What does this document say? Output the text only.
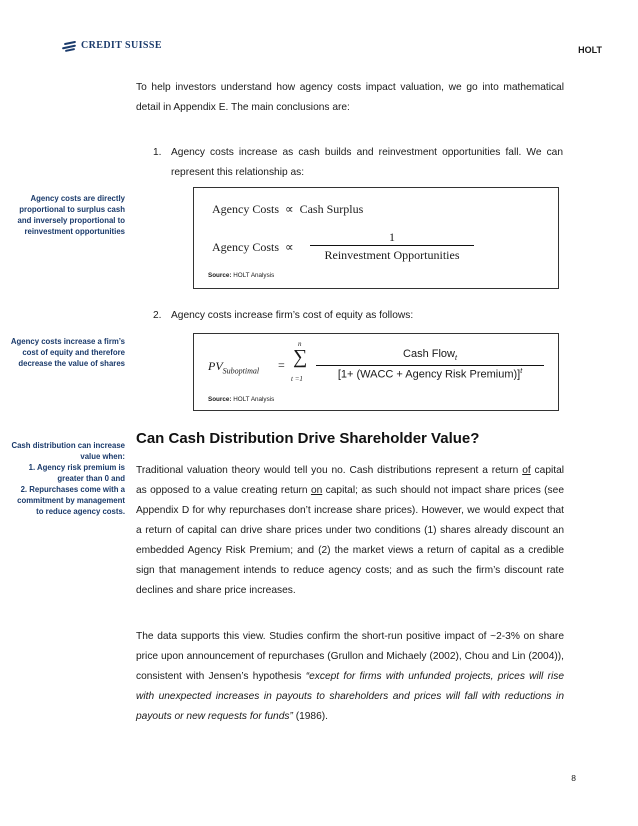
CREDIT SUISSE	HOLT
To help investors understand how agency costs impact valuation, we go into mathematical detail in Appendix E. The main conclusions are:
1. Agency costs increase as cash builds and reinvestment opportunities fall. We can represent this relationship as:
Agency Costs ∝ Cash Surplus
Agency Costs ∝
1
Reinvestment Opportunities
Source: HOLT Analysis
2. Agency costs increase firm’s cost of equity as follows:
$PV_{Suboptimal}$ =
n
∑
t =1
Cash Flow$_t$
[1+ (WACC + Agency Risk Premium)]$^t$
Source: HOLT Analysis
Agency costs are directly proportional to surplus cash and inversely proportional to reinvestment opportunities
Agency costs increase a firm’s cost of equity and therefore decrease the value of shares
Cash distribution can increase value when:
1. Agency risk premium is greater than 0 and
2. Repurchases come with a commitment by management to reduce agency costs.
Can Cash Distribution Drive Shareholder Value?
Traditional valuation theory would tell you no. Cash distributions represent a return of capital as opposed to a value creating return on capital; as such should not impact share prices (see Appendix D for why repurchases don’t increase share prices). However, we would expect that a return of capital can drive share prices under two conditions (1) shares already discount an embedded Agency Risk Premium; and (2) the market views a return of capital as a credible sign that management intends to reduce agency costs; and as such the firm’s discount rate declines and share price increases.
The data supports this view. Studies confirm the short-run positive impact of ~2-3% on share price upon announcement of repurchases (Grullon and Michaely (2002), Chou and Lin (2004)), consistent with Jensen’s hypothesis “except for firms with unfunded projects, prices will rise with unexpected increases in payouts to shareholders and prices will fall with reductions in payouts or new requests for funds” (1986).
8
